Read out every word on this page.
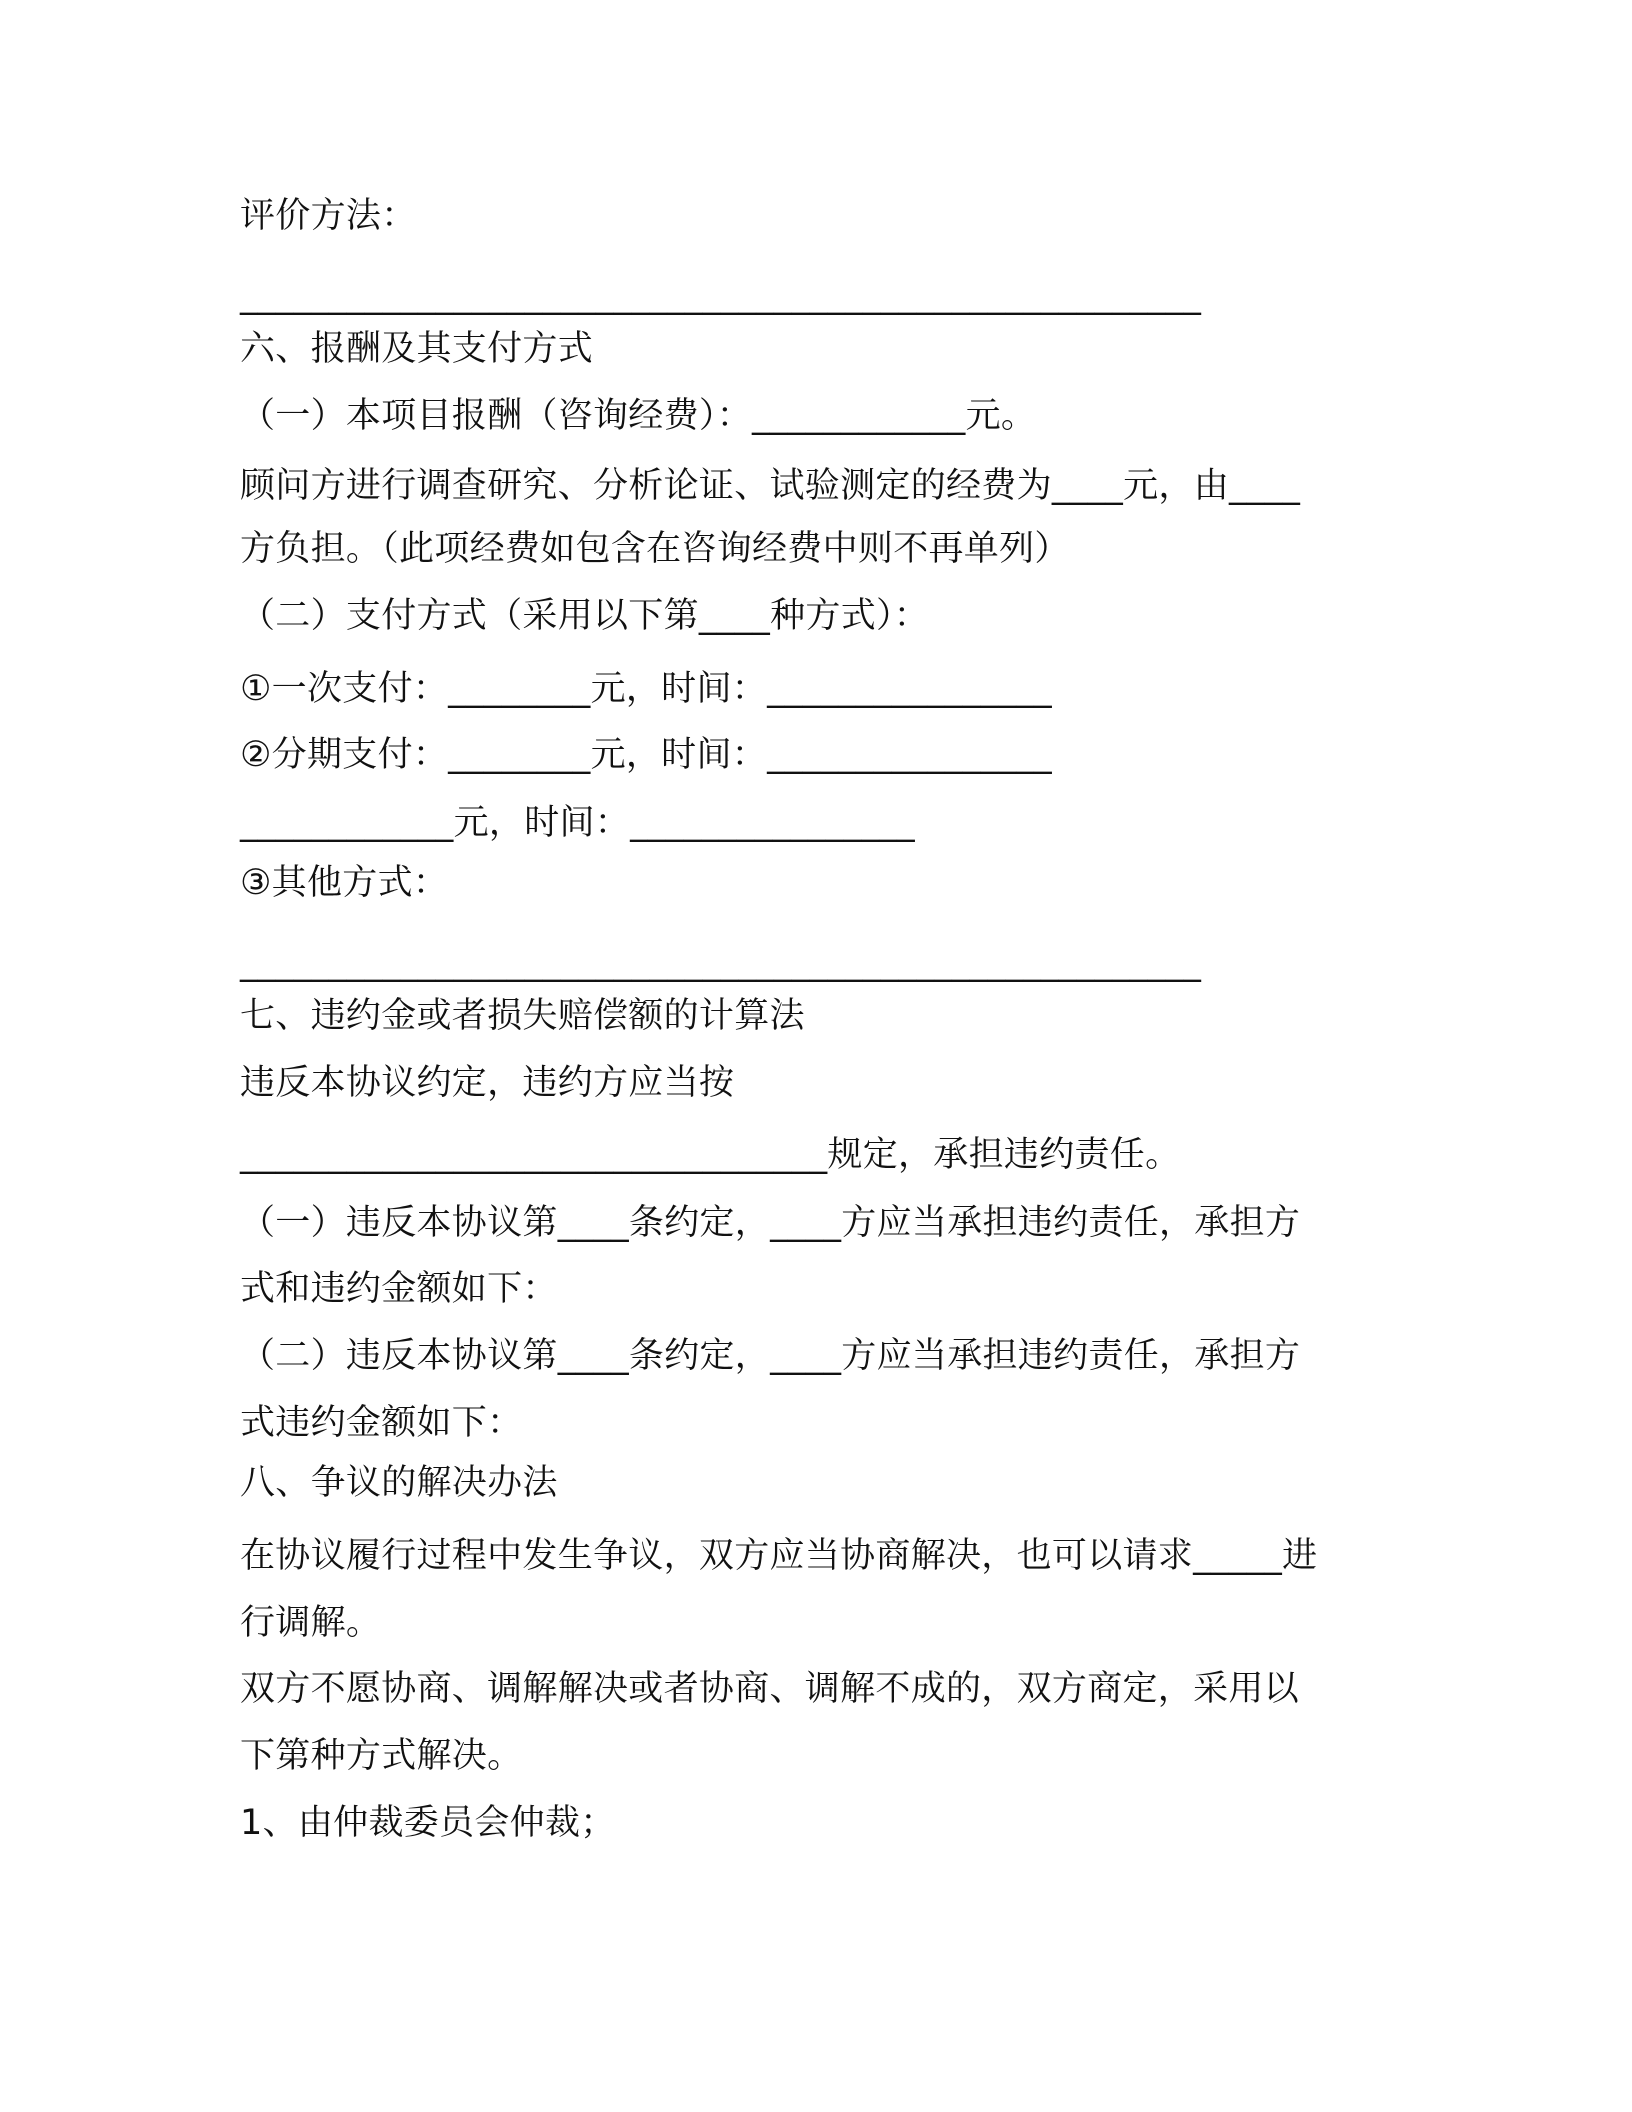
评价方法：
______________________________________________________
六、报酬及其支付方式
（一）本项目报酬（咨询经费）：____________元。
顾问方进行调查研究、分析论证、试验测定的经费为____元，由____
方负担。（此项经费如包含在咨询经费中则不再单列）
（二）支付方式（采用以下第____种方式）：
①一次支付：________元，时间：________________
②分期支付：________元，时间：________________
____________元，时间：________________
③其他方式：
______________________________________________________
七、违约金或者损失赔偿额的计算法
违反本协议约定，违约方应当按
_________________________________规定，承担违约责任。
（一）违反本协议第____条约定，____方应当承担违约责任，承担方
式和违约金额如下：
（二）违反本协议第____条约定，____方应当承担违约责任，承担方
式违约金额如下：
八、争议的解决办法
在协议履行过程中发生争议，双方应当协商解决，也可以请求_____进
行调解。
双方不愿协商、调解解决或者协商、调解不成的，双方商定，采用以
下第种方式解决。
1、由仲裁委员会仲裁；
